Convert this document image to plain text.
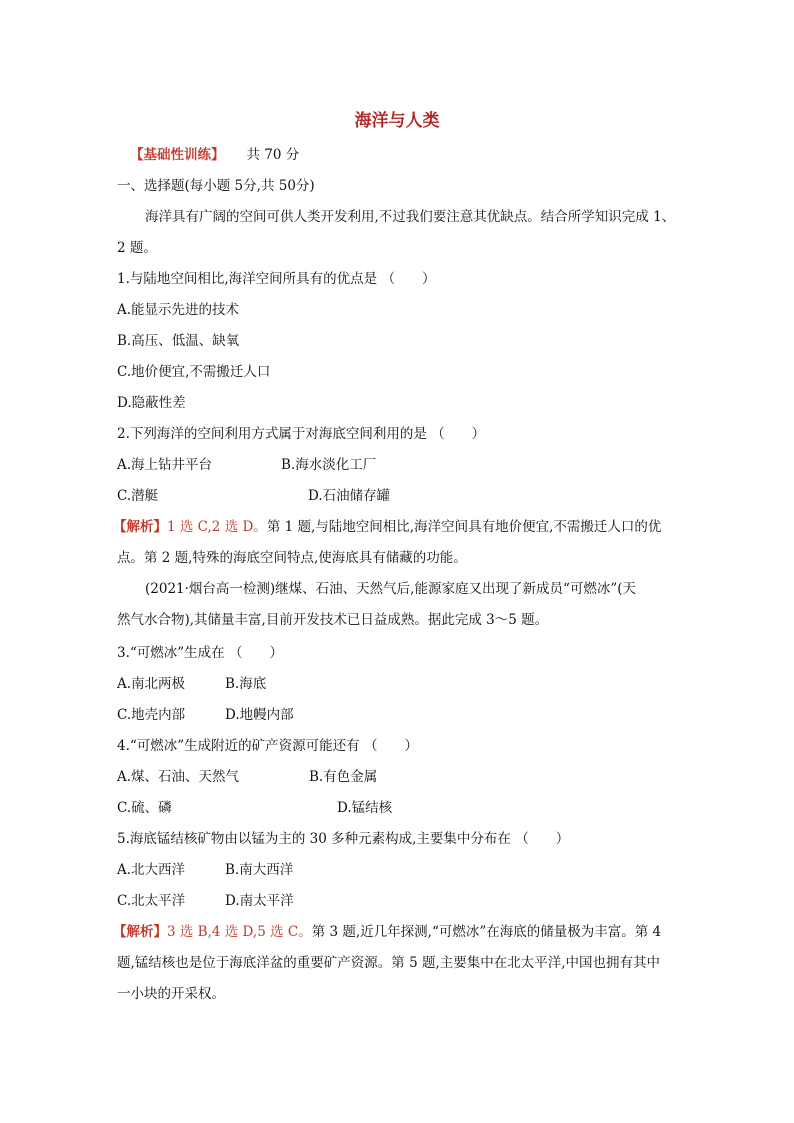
海洋与人类
【基础性训练】 共 70 分
一、选择题(每小题 5分,共 50分)
海洋具有广阔的空间可供人类开发利用,不过我们要注意其优缺点。结合所学知识完成 1、
2 题。
1.与陆地空间相比,海洋空间所具有的优点是 （　　）
A.能显示先进的技术
B.高压、低温、缺氧
C.地价便宜,不需搬迁人口
D.隐蔽性差
2.下列海洋的空间利用方式属于对海底空间利用的是 （　　）
A.海上钻井平台	B.海水淡化工厂
C.潜艇	D.石油储存罐
【解析】1 选 C,2 选 D。第 1 题,与陆地空间相比,海洋空间具有地价便宜,不需搬迁人口的优
点。第 2 题,特殊的海底空间特点,使海底具有储藏的功能。
(2021·烟台高一检测)继煤、石油、天然气后,能源家庭又出现了新成员“可燃冰”(天
然气水合物),其储量丰富,目前开发技术已日益成熟。据此完成 3～5 题。
3.“可燃冰”生成在 （　　）
A.南北两极	B.海底
C.地壳内部	D.地幔内部
4.“可燃冰”生成附近的矿产资源可能还有 （　　）
A.煤、石油、天然气	B.有色金属
C.硫、磷	D.锰结核
5.海底锰结核矿物由以锰为主的 30 多种元素构成,主要集中分布在 （　　）
A.北大西洋	B.南大西洋
C.北太平洋	D.南太平洋
【解析】3 选 B,4 选 D,5 选 C。第 3 题,近几年探测,“可燃冰”在海底的储量极为丰富。第 4
题,锰结核也是位于海底洋盆的重要矿产资源。第 5 题,主要集中在北太平洋,中国也拥有其中
一小块的开采权。
